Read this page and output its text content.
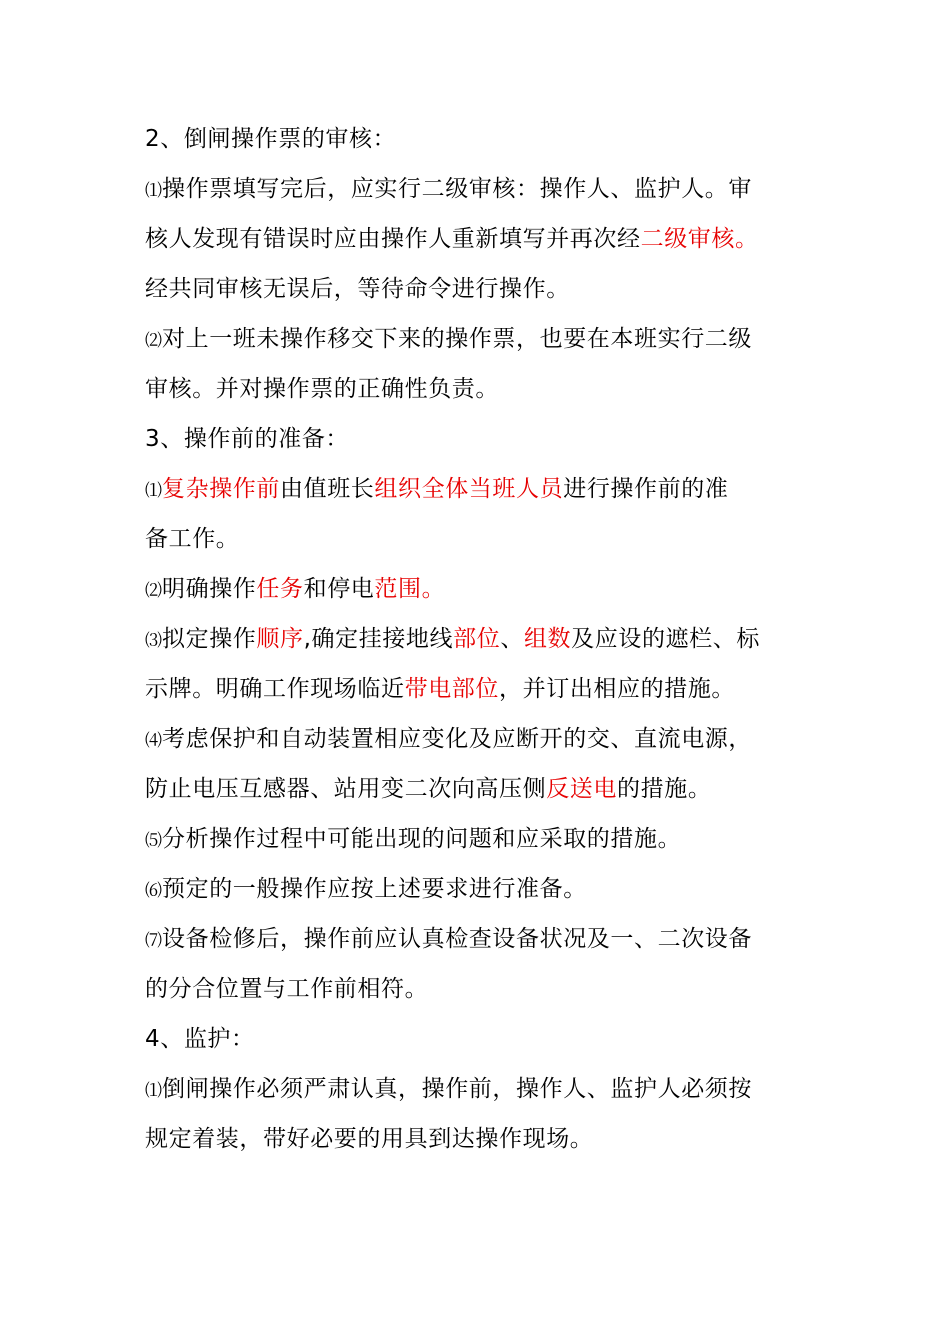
2、倒闸操作票的审核：
⑴操作票填写完后，应实行二级审核：操作人、监护人。审
核人发现有错误时应由操作人重新填写并再次经二级审核。
经共同审核无误后，等待命令进行操作。
⑵对上一班未操作移交下来的操作票，也要在本班实行二级
审核。并对操作票的正确性负责。
3、操作前的准备：
⑴复杂操作前由值班长组织全体当班人员进行操作前的准
备工作。
⑵明确操作任务和停电范围。
⑶拟定操作顺序,确定挂接地线部位、组数及应设的遮栏、标
示牌。明确工作现场临近带电部位，并订出相应的措施。
⑷考虑保护和自动装置相应变化及应断开的交、直流电源，
防止电压互感器、站用变二次向高压侧反送电的措施。
⑸分析操作过程中可能出现的问题和应采取的措施。
⑹预定的一般操作应按上述要求进行准备。
⑺设备检修后，操作前应认真检查设备状况及一、二次设备
的分合位置与工作前相符。
4、监护：
⑴倒闸操作必须严肃认真，操作前，操作人、监护人必须按
规定着装，带好必要的用具到达操作现场。
